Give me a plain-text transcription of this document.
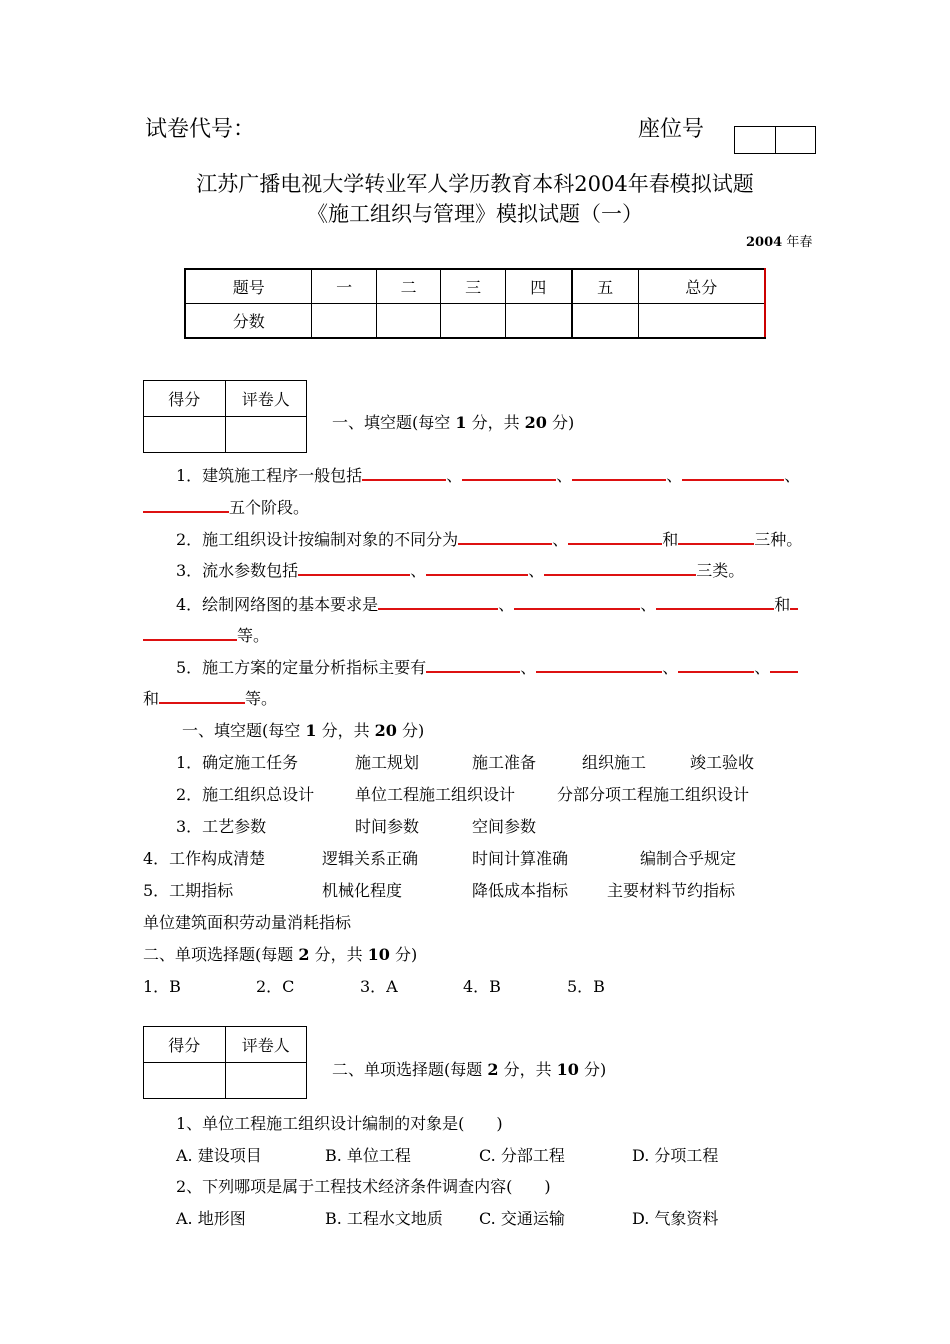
试卷代号：	座位号
江苏广播电视大学转业军人学历教育本科2004年春模拟试题
《施工组织与管理》模拟试题（一）
2004 年春
题号	一	二	三	四	五	总分
分数						
得分	评卷人

一、填空题(每空 1 分，共 20 分)
1．建筑施工程序一般包括	、	、	、	、
五个阶段。
2．施工组织设计按编制对象的不同分为	、	和	三种。
3．流水参数包括	、	、	三类。
4．绘制网络图的基本要求是	、	、	和
等。
5．施工方案的定量分析指标主要有	、	、	、
和	等。
一、填空题(每空 1 分，共 20 分)
1．确定施工任务	施工规划	施工准备	组织施工	竣工验收
2．施工组织总设计	单位工程施工组织设计	分部分项工程施工组织设计
3．工艺参数	时间参数	空间参数
4．工作构成清楚	逻辑关系正确	时间计算准确	编制合乎规定
5．工期指标	机械化程度	降低成本指标 主要材料节约指标
单位建筑面积劳动量消耗指标
二、单项选择题(每题 2 分，共 10 分)
1．B	2．C	3．A	4．B	5．B
得分	评卷人

二、单项选择题(每题 2 分，共 10 分)
1、单位工程施工组织设计编制的对象是(　　)
A. 建设项目	B. 单位工程	C. 分部工程	D. 分项工程
2、下列哪项是属于工程技术经济条件调查内容(　　)
A. 地形图	B. 工程水文地质 C. 交通运输	D. 气象资料
